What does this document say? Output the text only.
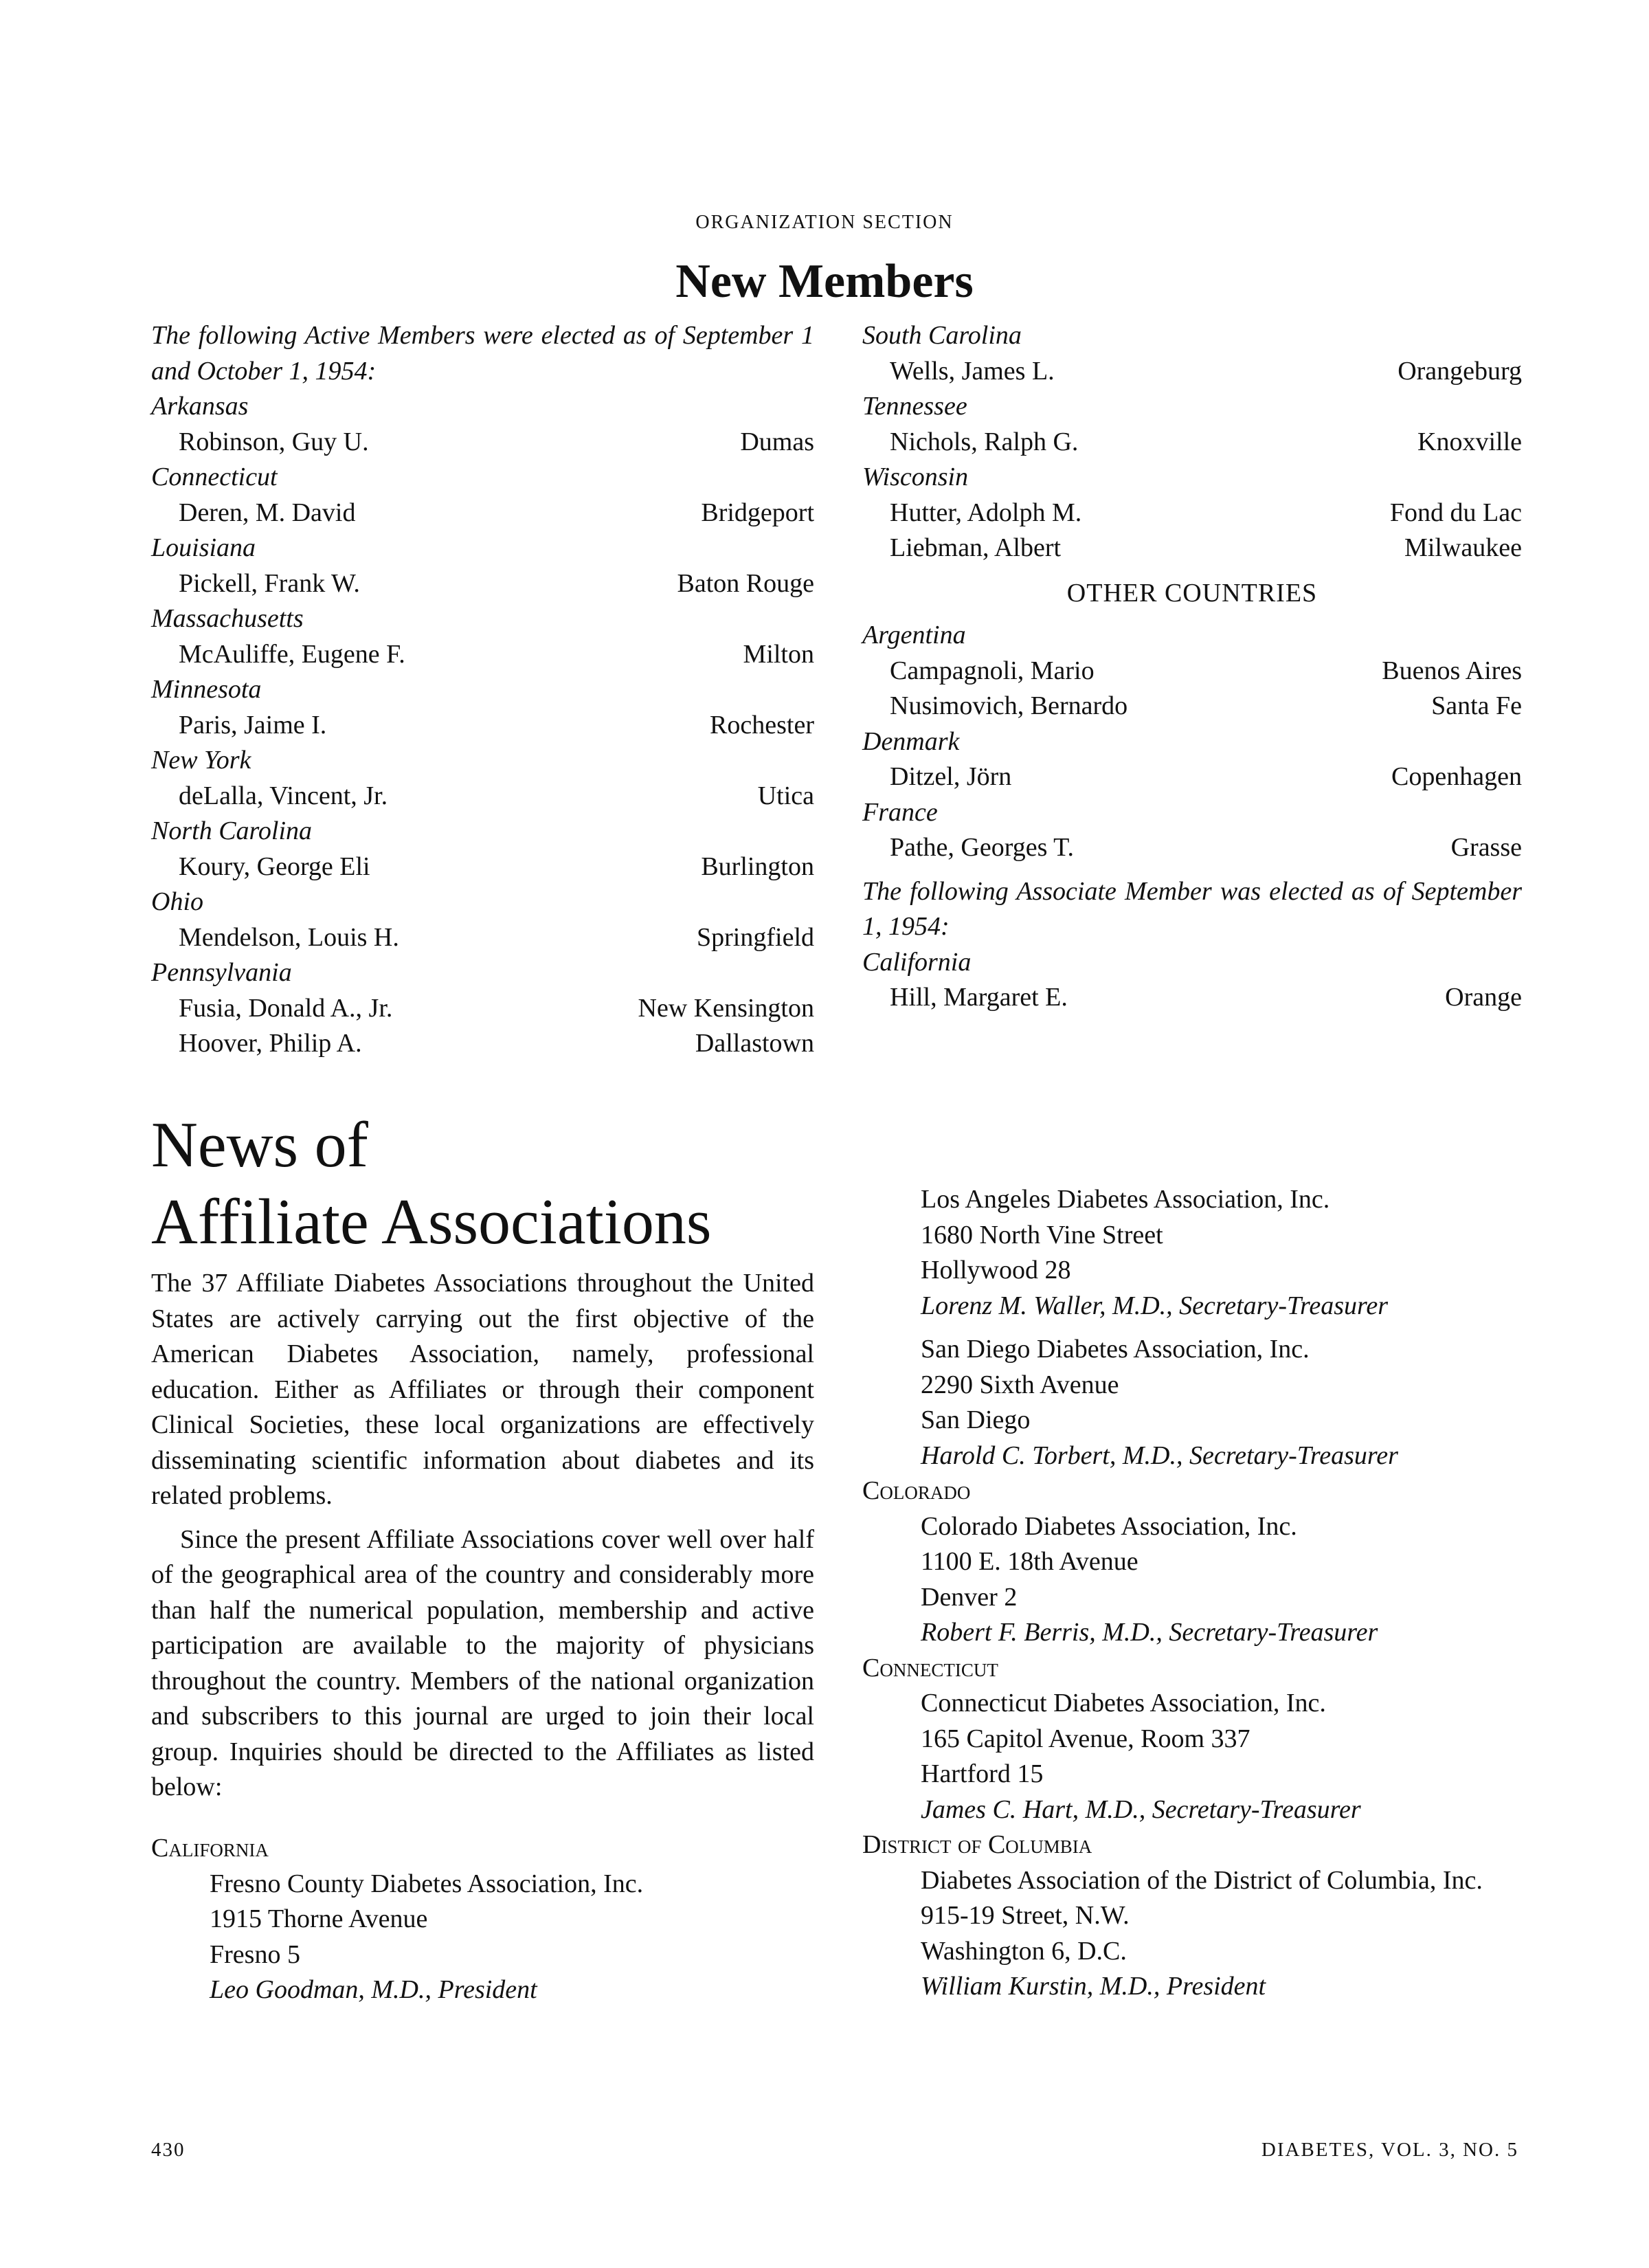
ORGANIZATION SECTION
New Members
The following Active Members were elected as of September 1 and October 1, 1954:
Arkansas
Robinson, Guy U.	Dumas
Connecticut
Deren, M. David	Bridgeport
Louisiana
Pickell, Frank W.	Baton Rouge
Massachusetts
McAuliffe, Eugene F.	Milton
Minnesota
Paris, Jaime I.	Rochester
New York
deLalla, Vincent, Jr.	Utica
North Carolina
Koury, George Eli	Burlington
Ohio
Mendelson, Louis H.	Springfield
Pennsylvania
Fusia, Donald A., Jr.	New Kensington
Hoover, Philip A.	Dallastown
South Carolina
Wells, James L.	Orangeburg
Tennessee
Nichols, Ralph G.	Knoxville
Wisconsin
Hutter, Adolph M.	Fond du Lac
Liebman, Albert	Milwaukee
OTHER COUNTRIES
Argentina
Campagnoli, Mario	Buenos Aires
Nusimovich, Bernardo	Santa Fe
Denmark
Ditzel, Jörn	Copenhagen
France
Pathe, Georges T.	Grasse
The following Associate Member was elected as of September 1, 1954:
California
Hill, Margaret E.	Orange
News of
Affiliate Associations

The 37 Affiliate Diabetes Associations throughout the United States are actively carrying out the first objective of the American Diabetes Association, namely, professional education. Either as Affiliates or through their component Clinical Societies, these local organizations are effectively disseminating scientific information about diabetes and its related problems.

Since the present Affiliate Associations cover well over half of the geographical area of the country and considerably more than half the numerical population, membership and active participation are available to the majority of physicians throughout the country. Members of the national organization and subscribers to this journal are urged to join their local group. Inquiries should be directed to the Affiliates as listed below:

California
Fresno County Diabetes Association, Inc.
1915 Thorne Avenue
Fresno 5
Leo Goodman, M.D., President
Los Angeles Diabetes Association, Inc.
1680 North Vine Street
Hollywood 28
Lorenz M. Waller, M.D., Secretary-Treasurer
San Diego Diabetes Association, Inc.
2290 Sixth Avenue
San Diego
Harold C. Torbert, M.D., Secretary-Treasurer
Colorado
Colorado Diabetes Association, Inc.
1100 E. 18th Avenue
Denver 2
Robert F. Berris, M.D., Secretary-Treasurer
Connecticut
Connecticut Diabetes Association, Inc.
165 Capitol Avenue, Room 337
Hartford 15
James C. Hart, M.D., Secretary-Treasurer
District of Columbia
Diabetes Association of the District of Columbia, Inc.
915-19 Street, N.W.
Washington 6, D.C.
William Kurstin, M.D., President
430	DIABETES, VOL. 3, NO. 5
